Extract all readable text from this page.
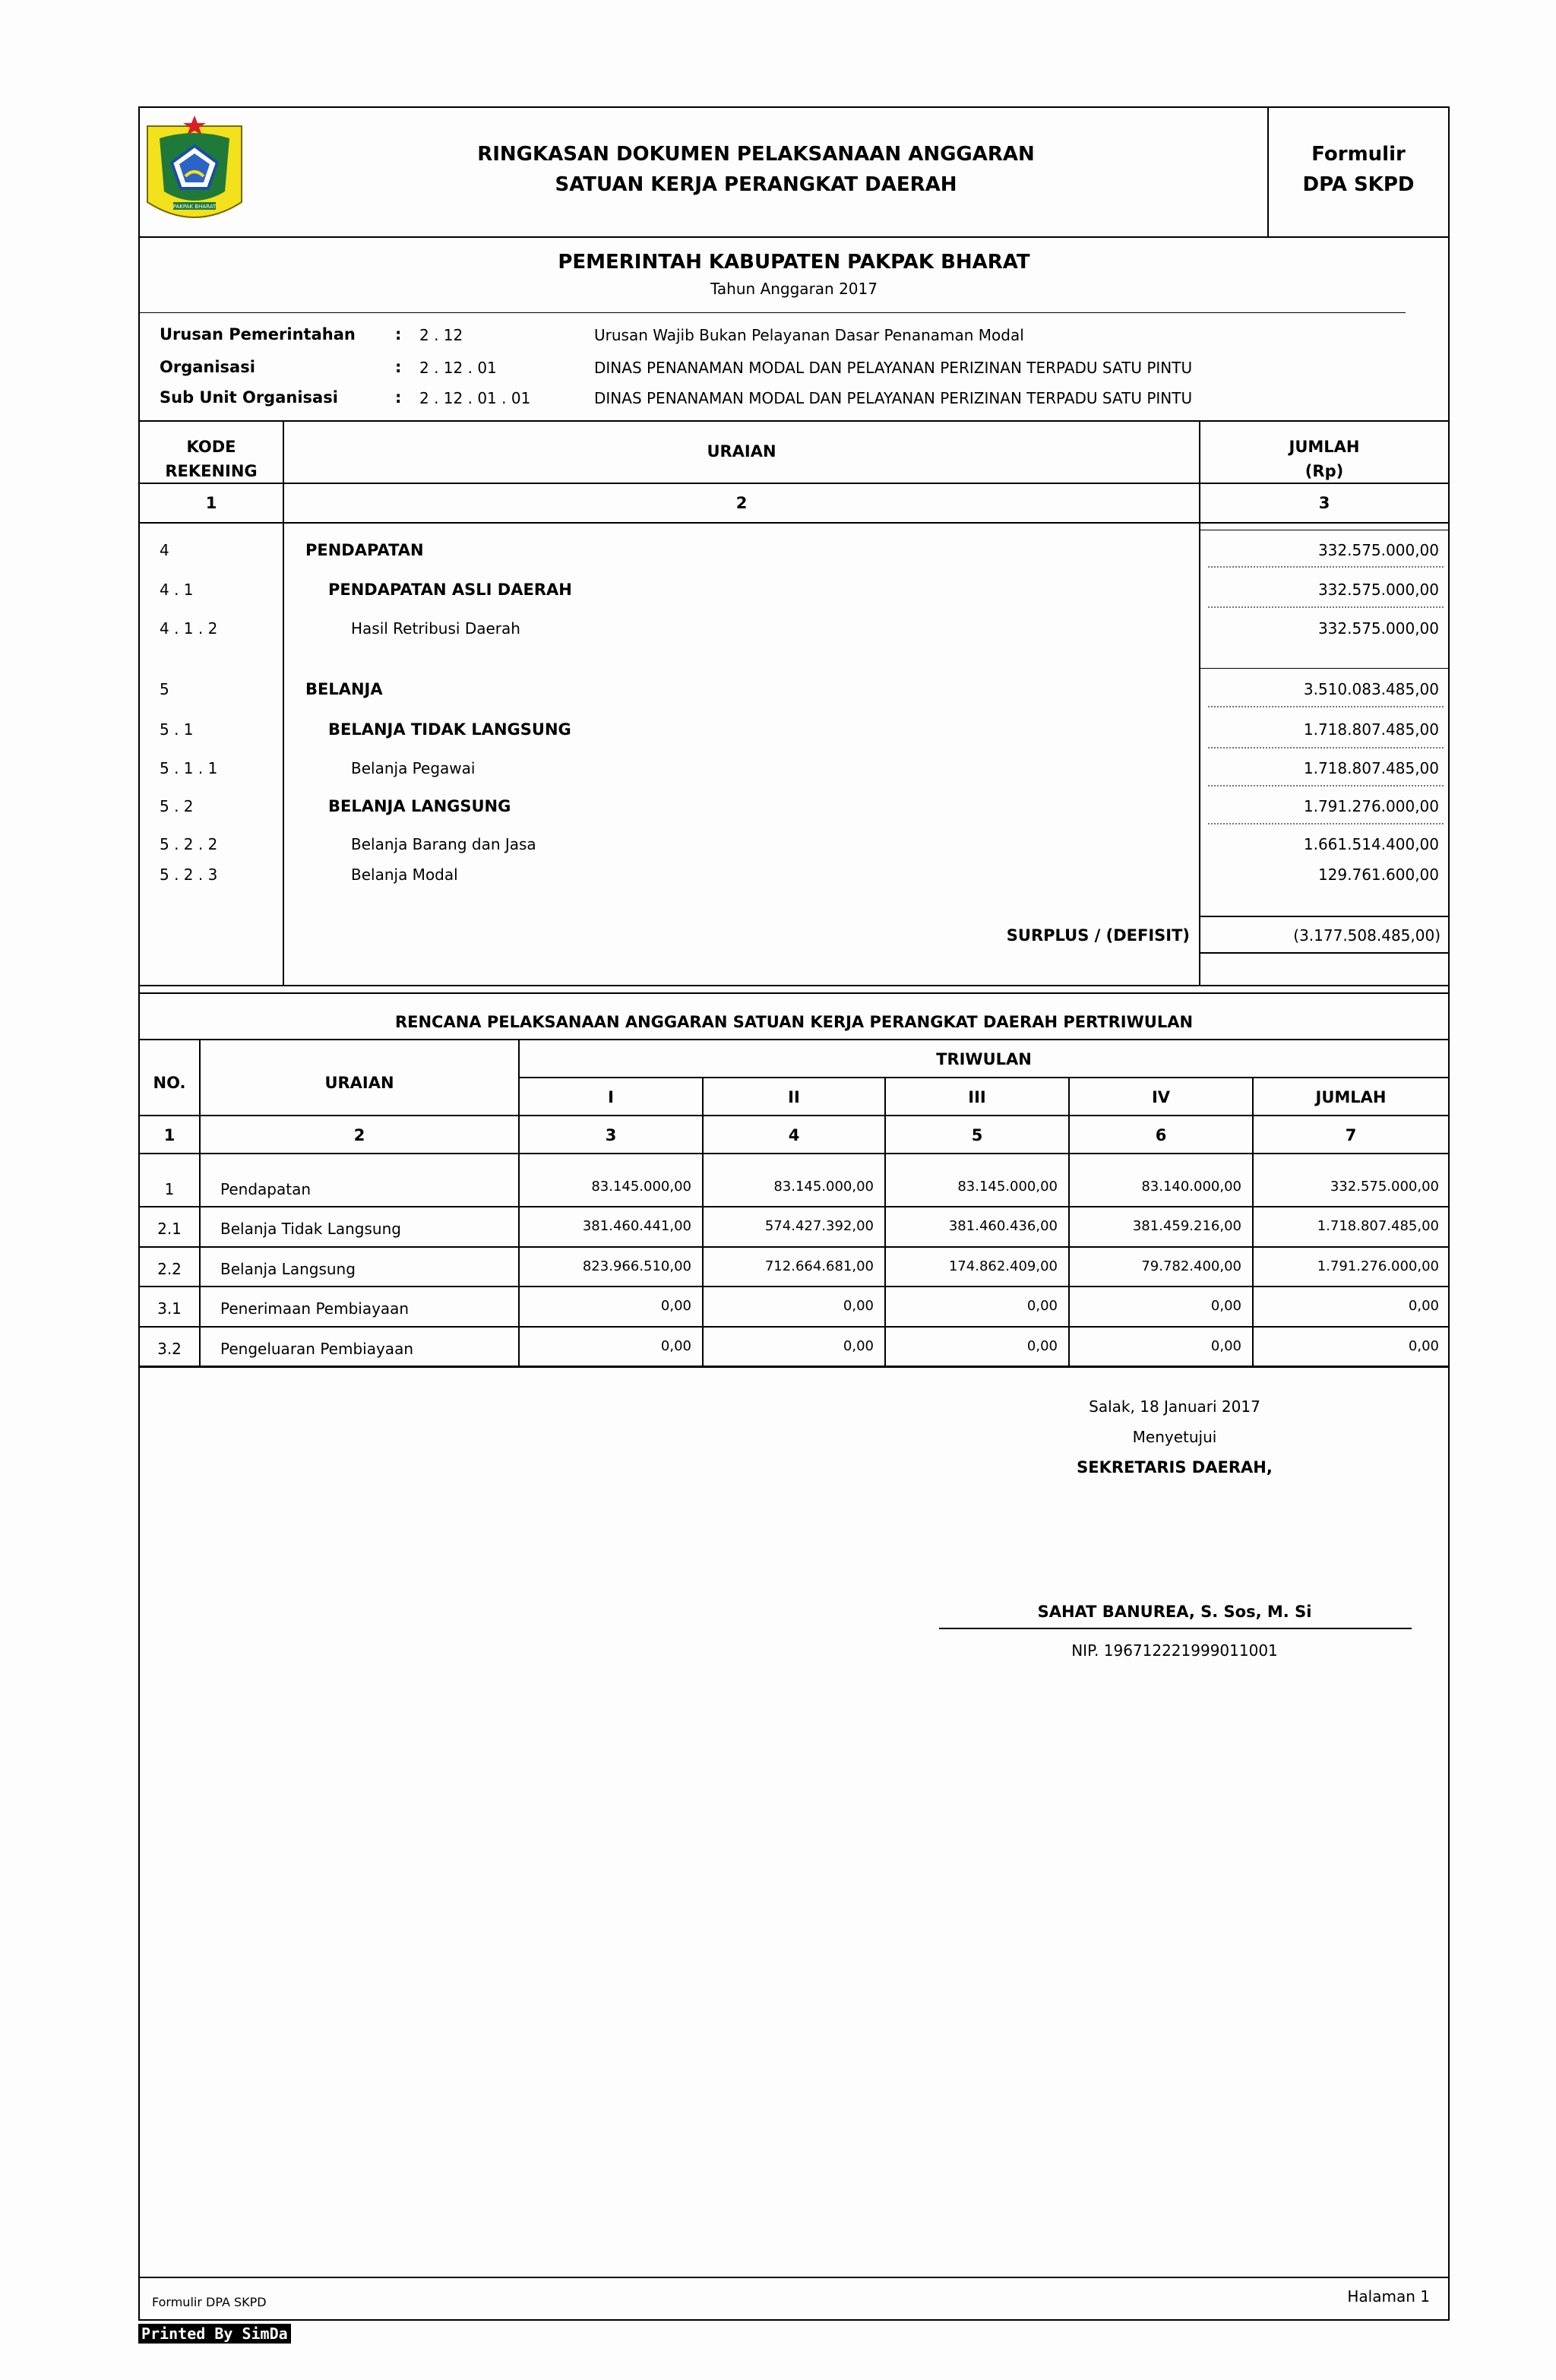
PAKPAK BHARAT
RINGKASAN DOKUMEN PELAKSANAAN ANGGARAN
SATUAN KERJA PERANGKAT DAERAH
Formulir
DPA SKPD
PEMERINTAH KABUPATEN PAKPAK BHARAT
Tahun Anggaran 2017
Urusan Pemerintahan : 2 . 12	Urusan Wajib Bukan Pelayanan Dasar Penanaman Modal
Organisasi	: 2 . 12 . 01	DINAS PENANAMAN MODAL DAN PELAYANAN PERIZINAN TERPADU SATU PINTU
Sub Unit Organisasi	: 2 . 12 . 01 . 01	DINAS PENANAMAN MODAL DAN PELAYANAN PERIZINAN TERPADU SATU PINTU
KODE
REKENING
URAIAN	JUMLAH
(Rp)
1	2	3
4	PENDAPATAN	332.575.000,00
4 . 1	PENDAPATAN ASLI DAERAH	332.575.000,00
4 . 1 . 2	Hasil Retribusi Daerah	332.575.000,00
5	BELANJA	3.510.083.485,00
5 . 1	BELANJA TIDAK LANGSUNG	1.718.807.485,00
5 . 1 . 1	Belanja Pegawai	1.718.807.485,00
5 . 2	BELANJA LANGSUNG	1.791.276.000,00
5 . 2 . 2	Belanja Barang dan Jasa	1.661.514.400,00
5 . 2 . 3	Belanja Modal	129.761.600,00
SURPLUS / (DEFISIT)	(3.177.508.485,00)
RENCANA PELAKSANAAN ANGGARAN SATUAN KERJA PERANGKAT DAERAH PERTRIWULAN
NO.	URAIAN
TRIWULAN
I	II	III	IV	JUMLAH
1	2	3	4	5	6	7
1	Pendapatan	83.145.000,00	83.145.000,00	83.145.000,00	83.140.000,00	332.575.000,00
2.1	Belanja Tidak Langsung	381.460.441,00	574.427.392,00	381.460.436,00	381.459.216,00	1.718.807.485,00
2.2	Belanja Langsung	823.966.510,00	712.664.681,00	174.862.409,00	79.782.400,00	1.791.276.000,00
3.1	Penerimaan Pembiayaan	0,00	0,00	0,00	0,00	0,00
3.2	Pengeluaran Pembiayaan	0,00	0,00	0,00	0,00	0,00
Salak, 18 Januari 2017
Menyetujui
SEKRETARIS DAERAH,
SAHAT BANUREA, S. Sos, M. Si
NIP. 196712221999011001
Formulir DPA SKPD	Halaman 1
Printed By SimDa
